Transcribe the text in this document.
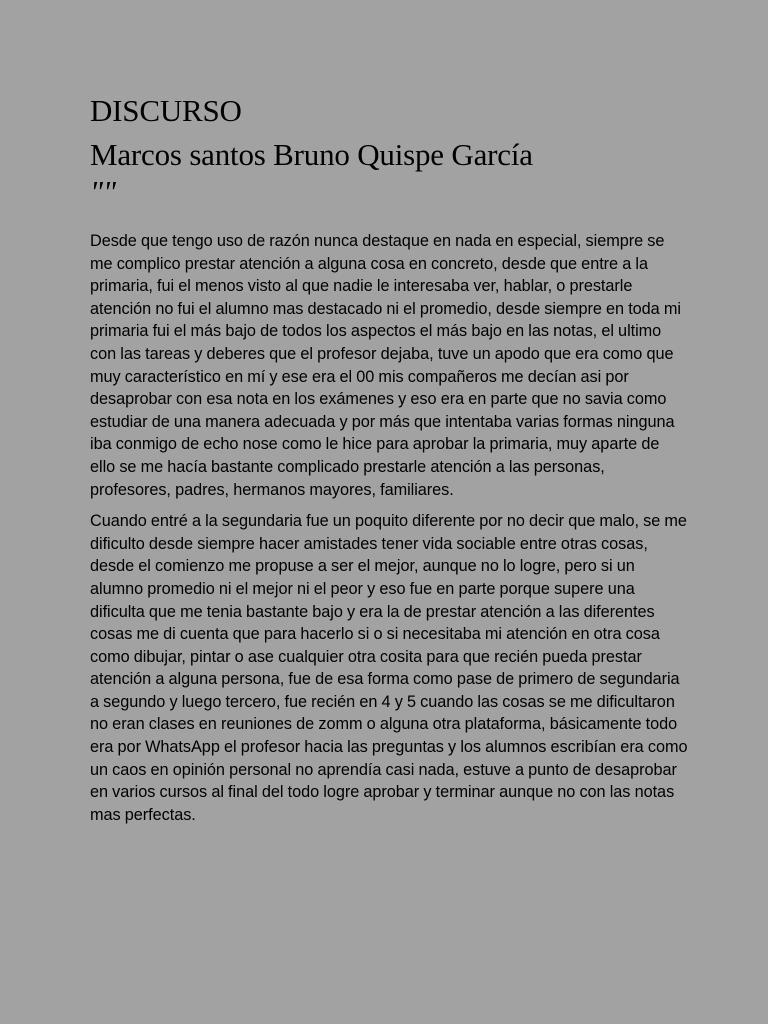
DISCURSO
Marcos santos Bruno Quispe García
""

Desde que tengo uso de razón nunca destaque en nada en especial, siempre se me complico prestar atención a alguna cosa en concreto, desde que entre a la primaria, fui el menos visto al que nadie le interesaba ver, hablar, o prestarle atención no fui el alumno mas destacado ni el promedio, desde siempre en toda mi primaria fui el más bajo de todos los aspectos el más bajo en las notas, el ultimo con las tareas y deberes que el profesor dejaba, tuve un apodo que era como que muy característico en mí y ese era el 00 mis compañeros me decían asi por desaprobar con esa nota en los exámenes y eso era en parte que no savia como estudiar de una manera adecuada y por más que intentaba varias formas ninguna iba conmigo de echo nose como le hice para aprobar la primaria, muy aparte de ello se me hacía bastante complicado prestarle atención a las personas, profesores, padres, hermanos mayores, familiares.

Cuando entré a la segundaria fue un poquito diferente por no decir que malo, se me dificulto desde siempre hacer amistades tener vida sociable entre otras cosas, desde el comienzo me propuse a ser el mejor, aunque no lo logre, pero si un alumno promedio ni el mejor ni el peor y eso fue en parte porque supere una dificulta que me tenia bastante bajo y era la de prestar atención a las diferentes cosas me di cuenta que para hacerlo si o si necesitaba mi atención en otra cosa como dibujar, pintar o ase cualquier otra cosita para que recién pueda prestar atención a alguna persona, fue de esa forma como pase de primero de segundaria a segundo y luego tercero, fue recién en 4 y 5 cuando las cosas se me dificultaron no eran clases en reuniones de zomm o alguna otra plataforma, básicamente todo era por WhatsApp el profesor hacia las preguntas y los alumnos escribían era como un caos en opinión personal no aprendía casi nada, estuve a punto de desaprobar en varios cursos al final del todo logre aprobar y terminar aunque no con las notas mas perfectas.
